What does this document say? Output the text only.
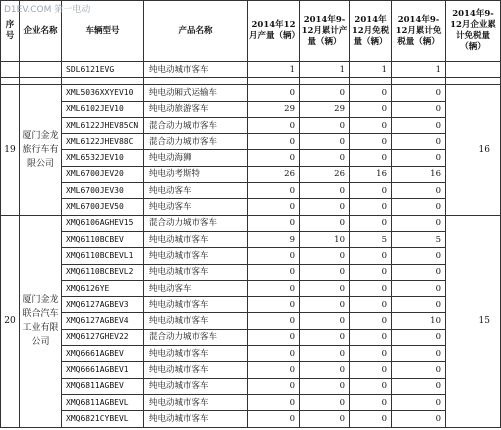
D1EV.COM 第一电动
序号	企业名称	车辆型号	产品名称	2014年12月产量（辆）	2014年9-12月累计产量（辆）	2014年12月免税量（辆）	2014年9-12月累计免税量（辆）	2014年9-12月企业累计免税量（辆）

		SDL6121EVG	纯电动城市客车	1	1	1	1	

19	厦门金龙旅行车有限公司	XML5036XXYEV10	纯电动厢式运输车	0	0	0	0	16
		XML6102JEV10	纯电动旅游客车	29	29	0	0	
		XML6122JHEV85CN	混合动力城市客车	0	0	0	0	
		XML6122JHEV88C	混合动力城市客车	0	0	0	0	
		XML6532JEV10	纯电动海狮	0	0	0	0	
		XML6700JEV20	纯电动考斯特	26	26	16	16	
		XML6700JEV30	纯电动客车	0	0	0	0	
		XML6700JEV50	纯电动客车	0	0	0	0	
20	厦门金龙联合汽车工业有限公司	XMQ6106AGHEV15	混合动力城市客车	0	0	0	0	15
		XMQ6110BCBEV	纯电动城市客车	9	10	5	5	
		XMQ6110BCBEVL1	纯电动城市客车	0	0	0	0	
		XMQ6110BCBEVL2	纯电动城市客车	0	0	0	0	
		XMQ6126YE	纯电动客车	0	0	0	0	
		XMQ6127AGBEV3	纯电动城市客车	0	0	0	0	
		XMQ6127AGBEV4	纯电动城市客车	0	0	0	10	
		XMQ6127GHEV22	混合动力城市客车	0	0	0	0	
		XMQ6661AGBEV	纯电动城市客车	0	0	0	0	
		XMQ6661AGBEV1	纯电动城市客车	0	0	0	0	
		XMQ6811AGBEV	纯电动城市客车	0	0	0	0	
		XMQ6811AGBEVL	纯电动城市客车	0	0	0	0	
		XMQ6821CYBEVL	纯电动城市客车	0	0	0	0	
